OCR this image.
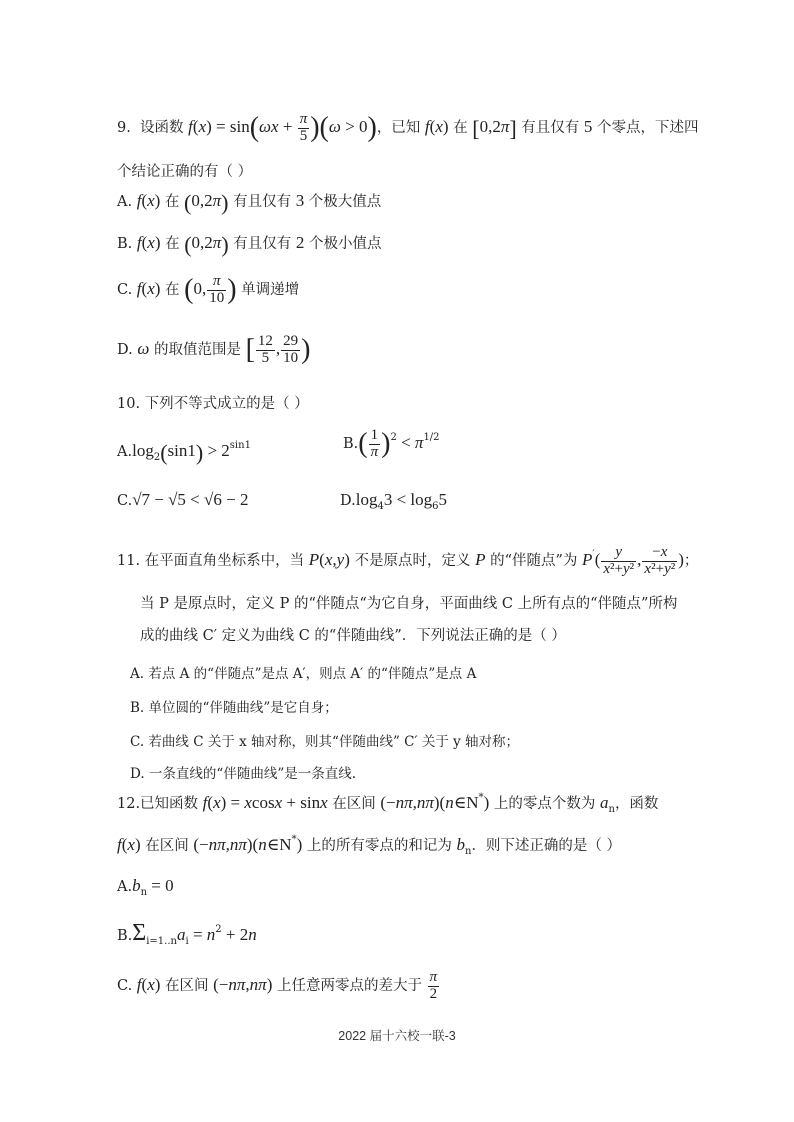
9.  设函数 $f(x) = \sin(\omega x + \frac{\pi}{5} )(\omega > 0)$，已知 f(x) 在 [0,2π] 有且仅有 5 个零点，下述四
个结论正确的有（ ）
A. f(x) 在 (0,2π) 有且仅有 3 个极大值点
B. f(x) 在 (0,2π) 有且仅有 2 个极小值点
C. f(x) 在 (0, $\frac{\pi}{10}$ ) 单调递增
D. ω 的取值范围是 [ $\frac{12}{5}$ , $\frac{29}{10}$ )
10. 下列不等式成立的是（ ）
$A.\log_2(\sin 1) > 2^{sin1}$	$B.( \frac{1}{\pi} )^2 < \pi^{1/2}$
C.√7 − √5 < √6 − 2	$D.\log_43 < \log_65$
11. 在平面直角坐标系中，当 P(x,y) 不是原点时，定义 P 的“伴随点”为 $P'( \frac{y}{\text{x²+y²}}$ , $\frac{-x}{\text{x²+y²}}$ )；
当 P 是原点时，定义 P 的“伴随点“为它自身，平面曲线 C 上所有点的“伴随点”所构
成的曲线 C′ 定义为曲线 C 的“伴随曲线”．下列说法正确的是（ ）
A. 若点 A 的“伴随点”是点 A′，则点 A′ 的“伴随点”是点 A
B. 单位圆的“伴随曲线”是它自身；
C. 若曲线 C 关于 x 轴对称，则其“伴随曲线” C′ 关于 y 轴对称；
D. 一条直线的“伴随曲线”是一条直线.
12.已知函数 f(x) = xcosx + sinx 在区间 (−nπ,nπ)(n∈N*) 上的零点个数为 $a_n$，函数
f(x) 在区间 (−nπ,nπ)(n∈N*) 上的所有零点的和记为 $b_n$．则下述正确的是（ ）
$A.b_n = 0$
$B.\Sigma_{i=1..n}a_i = n^2 + 2n$
C. f(x) 在区间 (−nπ,nπ) 上任意两零点的差大于 $\frac{\pi}{2}$
2022 届十六校一联-3
